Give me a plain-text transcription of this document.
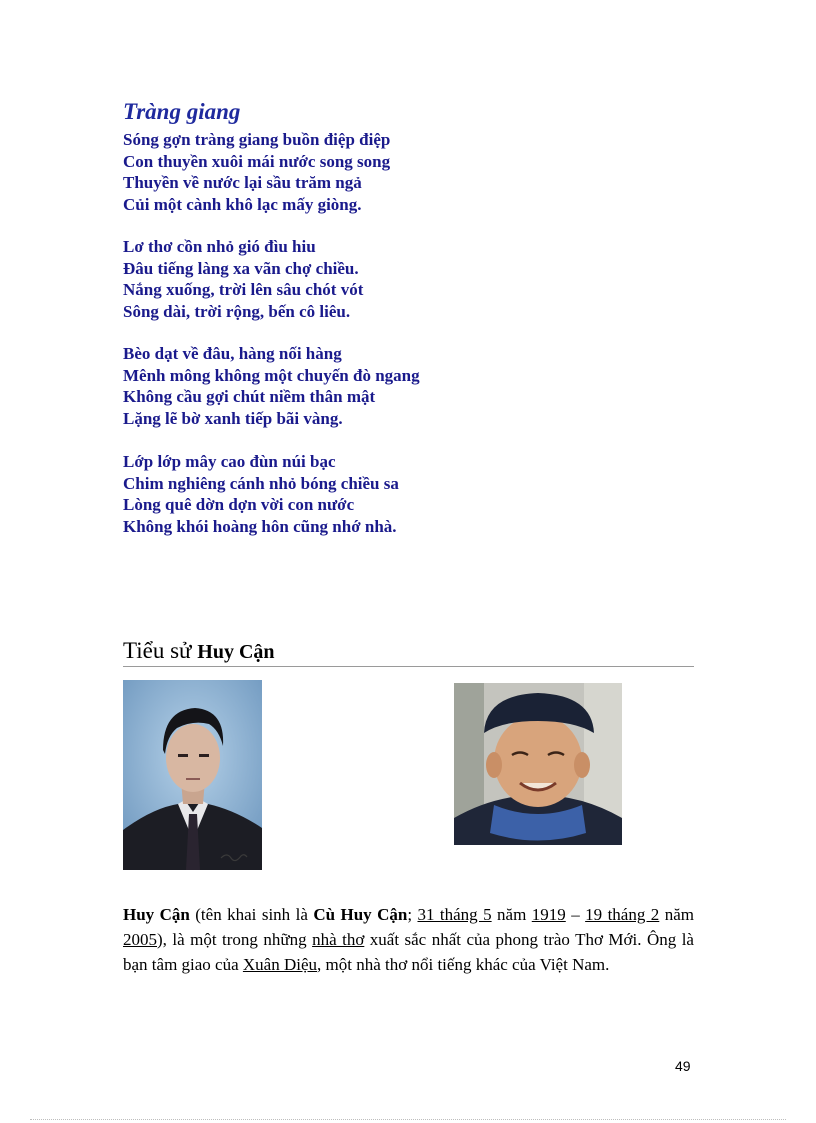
Tràng giang
Sóng gợn tràng giang buồn điệp điệp
Con thuyền xuôi mái nước song song
Thuyền về nước lại sầu trăm ngả
Củi một cành khô lạc mấy giòng.
Lơ thơ cồn nhỏ gió đìu hiu
Đâu tiếng làng xa vãn chợ chiều.
Nắng xuống, trời lên sâu chót vót
Sông dài, trời rộng, bến cô liêu.
Bèo dạt về đâu, hàng nối hàng
Mênh mông không một chuyến đò ngang
Không cầu gợi chút niềm thân mật
Lặng lẽ bờ xanh tiếp bãi vàng.
Lớp lớp mây cao đùn núi bạc
Chim nghiêng cánh nhỏ bóng chiều sa
Lòng quê dờn dợn vời con nước
Không khói hoàng hôn cũng nhớ nhà.
Tiểu sử Huy Cận

Huy Cận (tên khai sinh là Cù Huy Cận; 31 tháng 5 năm 1919 – 19 tháng 2 năm 2005), là một trong những nhà thơ xuất sắc nhất của phong trào Thơ Mới. Ông là bạn tâm giao của Xuân Diệu, một nhà thơ nổi tiếng khác của Việt Nam.

49
